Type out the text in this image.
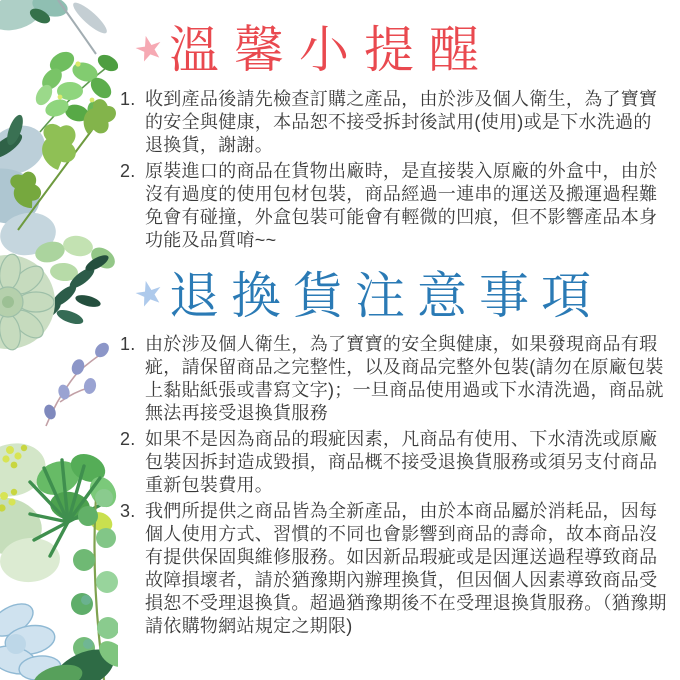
溫馨小提醒
1. 收到產品後請先檢查訂購之產品，由於涉及個人衛生，為了寶寶的安全與健康，本品恕不接受拆封後試用(使用)或是下水洗過的退換貨，謝謝。
2. 原裝進口的商品在貨物出廠時，是直接裝入原廠的外盒中，由於沒有過度的使用包材包裝，商品經過一連串的運送及搬運過程難免會有碰撞，外盒包裝可能會有輕微的凹痕，但不影響產品本身功能及品質唷~~
退換貨注意事項
1. 由於涉及個人衛生，為了寶寶的安全與健康，如果發現商品有瑕疵，請保留商品之完整性，以及商品完整外包裝(請勿在原廠包裝上黏貼紙張或書寫文字)；一旦商品使用過或下水清洗過，商品就無法再接受退換貨服務
2. 如果不是因為商品的瑕疵因素，凡商品有使用、下水清洗或原廠包裝因拆封造成毀損，商品概不接受退換貨服務或須另支付商品重新包裝費用。
3. 我們所提供之商品皆為全新產品，由於本商品屬於消耗品，因每個人使用方式、習慣的不同也會影響到商品的壽命，故本商品沒有提供保固與維修服務。如因新品瑕疵或是因運送過程導致商品故障損壞者，請於猶豫期內辦理換貨，但因個人因素導致商品受損恕不受理退換貨。超過猶豫期後不在受理退換貨服務。（猶豫期請依購物網站規定之期限)
